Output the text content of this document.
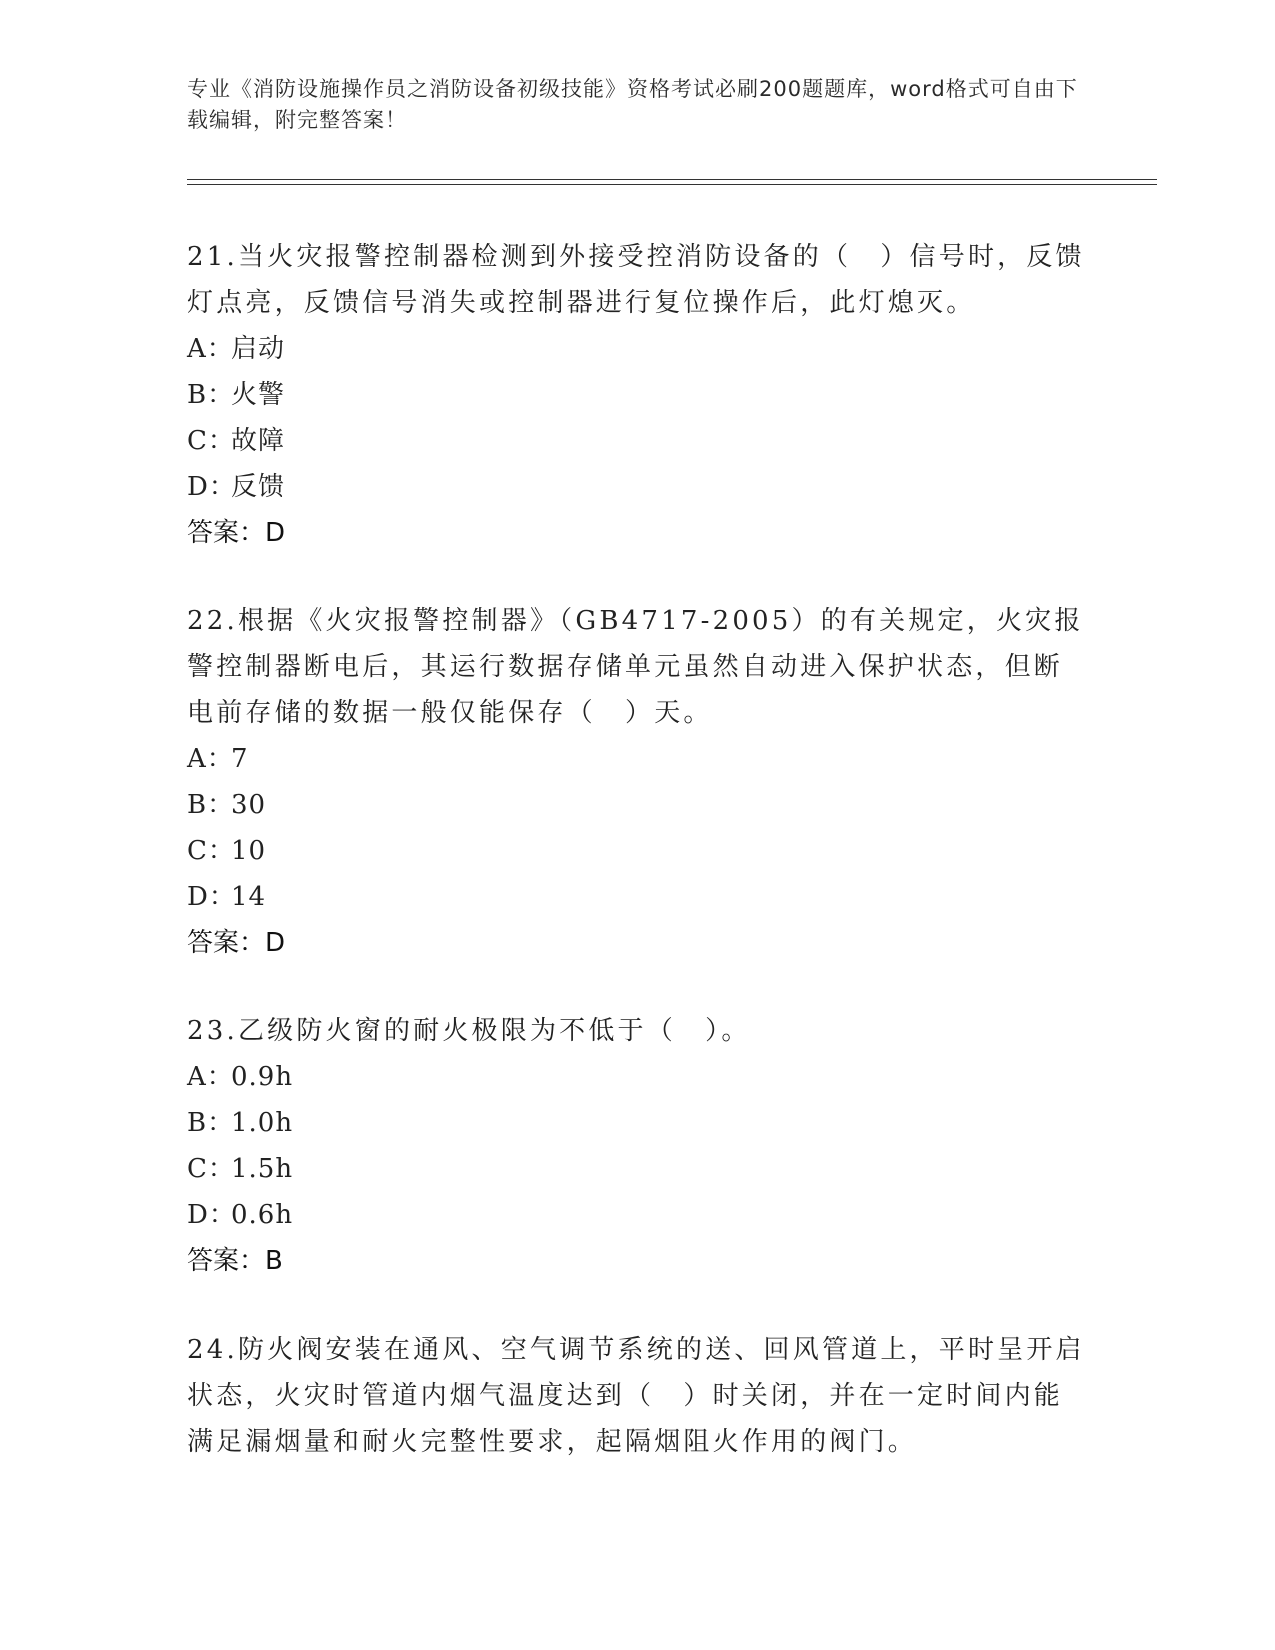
专业《消防设施操作员之消防设备初级技能》资格考试必刷200题题库，word格式可自由下载编辑，附完整答案！

21.当火灾报警控制器检测到外接受控消防设备的（　）信号时，反馈灯点亮，反馈信号消失或控制器进行复位操作后，此灯熄灭。

A：启动
B：火警
C：故障
D：反馈
答案：D

22.根据《火灾报警控制器》（GB4717-2005）的有关规定，火灾报警控制器断电后，其运行数据存储单元虽然自动进入保护状态，但断电前存储的数据一般仅能保存（　）天。

A：7
B：30
C：10
D：14
答案：D

23.乙级防火窗的耐火极限为不低于（　）。

A：0.9h
B：1.0h
C：1.5h
D：0.6h
答案：B

24.防火阀安装在通风、空气调节系统的送、回风管道上，平时呈开启状态，火灾时管道内烟气温度达到（　）时关闭，并在一定时间内能满足漏烟量和耐火完整性要求，起隔烟阻火作用的阀门。
